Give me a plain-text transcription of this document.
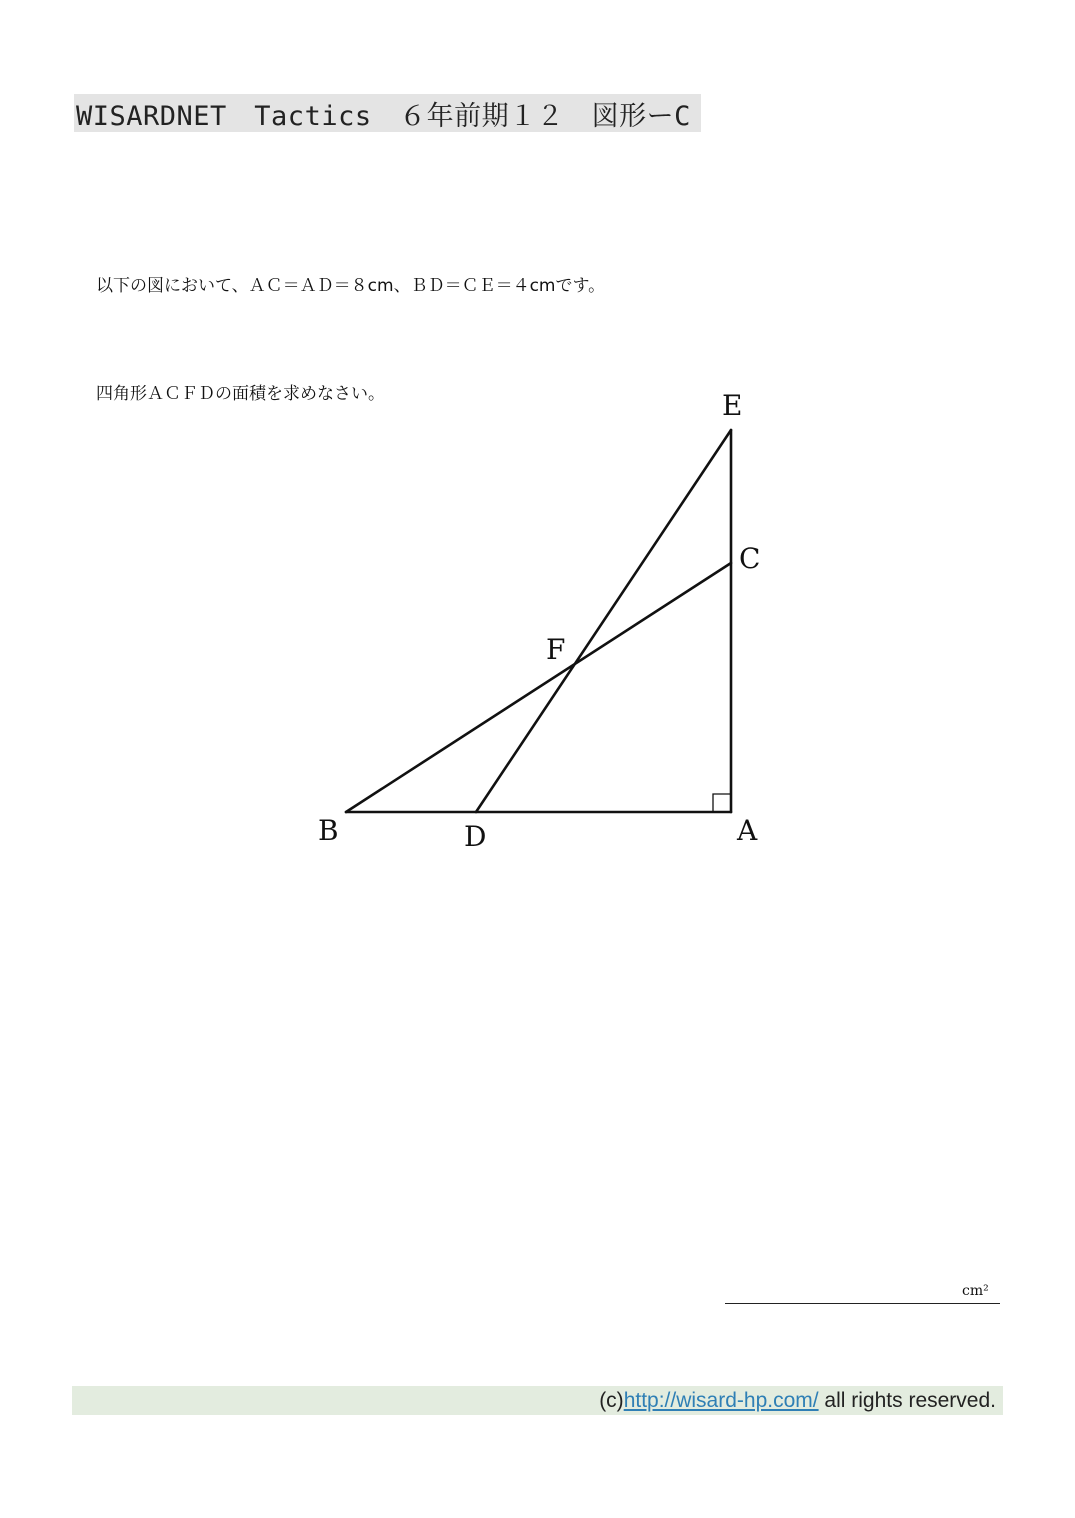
WISARDNET　Tactics　６年前期１２　図形ーC

以下の図において、ＡＣ＝ＡＤ＝８cm、ＢＤ＝ＣＥ＝４cmです。

四角形ＡＣＦＤの面積を求めなさい。	E
C
F
B	D	A
cm²
(c) http://wisard-hp.com/ all rights reserved.
